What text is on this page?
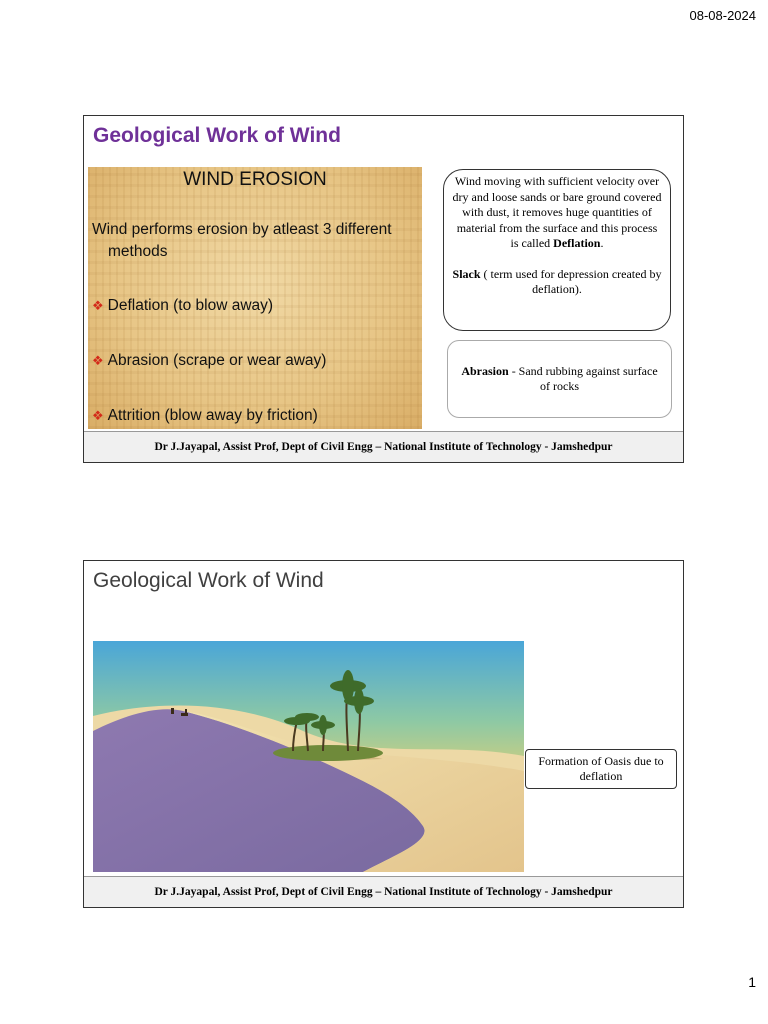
08-08-2024
Geological Work of Wind
WIND EROSION
Wind performs erosion by atleast 3 different
methods
❖ Deflation (to blow away)
❖ Abrasion (scrape or wear away)
❖ Attrition (blow away by friction)

Wind moving with sufficient velocity over dry and loose sands or bare ground covered with dust, it removes huge quantities of material from the surface and this process is called Deflation.

Slack ( term used for depression created by deflation).

Abrasion - Sand rubbing against surface of rocks
Dr J.Jayapal, Assist Prof, Dept of Civil Engg – National Institute of Technology - Jamshedpur
Geological Work of Wind
Formation of Oasis due to deflation
Dr J.Jayapal, Assist Prof, Dept of Civil Engg – National Institute of Technology - Jamshedpur
1
